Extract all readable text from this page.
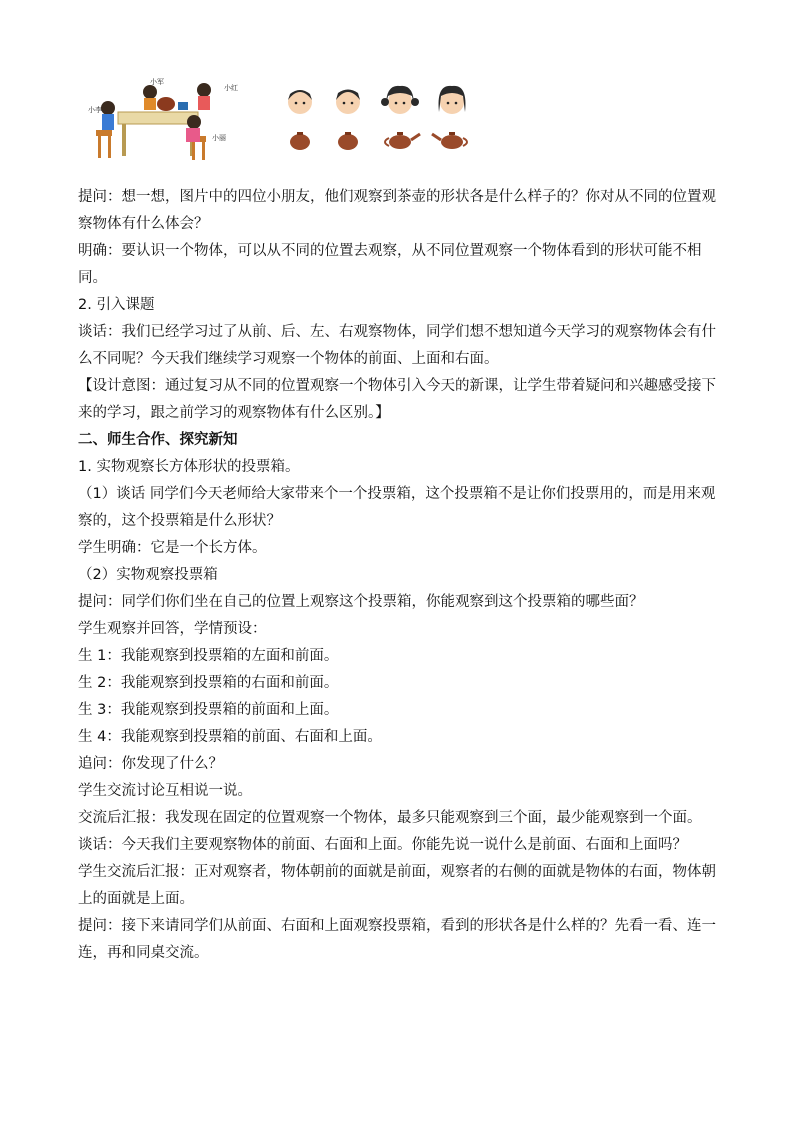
小军
小红
小李
小丽

提问：想一想，图片中的四位小朋友，他们观察到茶壶的形状各是什么样子的？你对从不同的位置观察物体有什么体会？

明确：要认识一个物体，可以从不同的位置去观察，从不同位置观察一个物体看到的形状可能不相同。

2. 引入课题

谈话：我们已经学习过了从前、后、左、右观察物体，同学们想不想知道今天学习的观察物体会有什么不同呢？今天我们继续学习观察一个物体的前面、上面和右面。

【设计意图：通过复习从不同的位置观察一个物体引入今天的新课，让学生带着疑问和兴趣感受接下来的学习，跟之前学习的观察物体有什么区别。】

二、师生合作、探究新知

1. 实物观察长方体形状的投票箱。

（1）谈话 同学们今天老师给大家带来个一个投票箱，这个投票箱不是让你们投票用的，而是用来观察的，这个投票箱是什么形状？

学生明确：它是一个长方体。

（2）实物观察投票箱

提问：同学们你们坐在自己的位置上观察这个投票箱，你能观察到这个投票箱的哪些面？

学生观察并回答，学情预设：

生 1：我能观察到投票箱的左面和前面。

生 2：我能观察到投票箱的右面和前面。

生 3：我能观察到投票箱的前面和上面。

生 4：我能观察到投票箱的前面、右面和上面。

追问：你发现了什么？

学生交流讨论互相说一说。

交流后汇报：我发现在固定的位置观察一个物体，最多只能观察到三个面，最少能观察到一个面。

谈话：今天我们主要观察物体的前面、右面和上面。你能先说一说什么是前面、右面和上面吗？

学生交流后汇报：正对观察者，物体朝前的面就是前面，观察者的右侧的面就是物体的右面，物体朝上的面就是上面。

提问：接下来请同学们从前面、右面和上面观察投票箱，看到的形状各是什么样的？先看一看、连一连，再和同桌交流。
